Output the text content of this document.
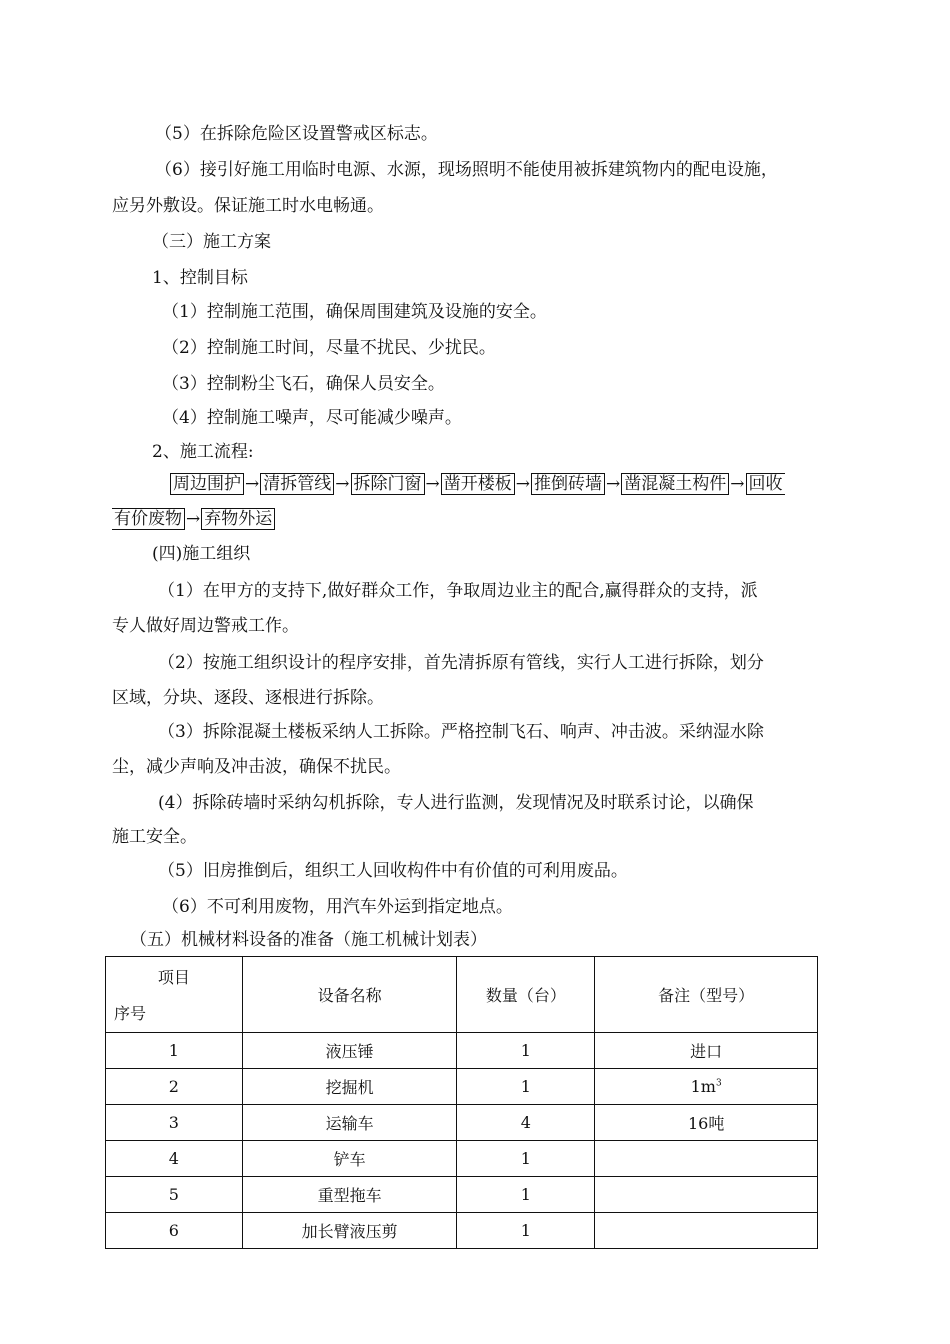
（5）在拆除危险区设置警戒区标志。
（6）接引好施工用临时电源、水源，现场照明不能使用被拆建筑物内的配电设施，
应另外敷设。保证施工时水电畅通。
（三）施工方案
1、控制目标
（1）控制施工范围，确保周围建筑及设施的安全。
（2）控制施工时间，尽量不扰民、少扰民。
（3）控制粉尘飞石，确保人员安全。
（4）控制施工噪声，尽可能减少噪声。
2、施工流程:
周边围护 → 清拆管线 → 拆除门窗 → 凿开楼板 → 推倒砖墙 → 凿混凝土构件 → 回收
有价废物 → 弃物外运
(四)施工组织
（1）在甲方的支持下,做好群众工作，争取周边业主的配合,赢得群众的支持，派
专人做好周边警戒工作。
（2）按施工组织设计的程序安排，首先清拆原有管线，实行人工进行拆除，划分
区域，分块、逐段、逐根进行拆除。
（3）拆除混凝土楼板采纳人工拆除。严格控制飞石、响声、冲击波。采纳湿水除
尘，减少声响及冲击波，确保不扰民。
(4）拆除砖墙时采纳勾机拆除，专人进行监测，发现情况及时联系讨论，以确保
施工安全。
（5）旧房推倒后，组织工人回收构件中有价值的可利用废品。
（6）不可利用废物，用汽车外运到指定地点。
（五）机械材料设备的准备（施工机械计划表）
项目
序号	设备名称	数量（台）	备注（型号）
1	液压锤	1	进口
2	挖掘机	1	$1m^3$
3	运输车	4	16吨
4	铲车	1	
5	重型拖车	1	
6	加长臂液压剪	1	
